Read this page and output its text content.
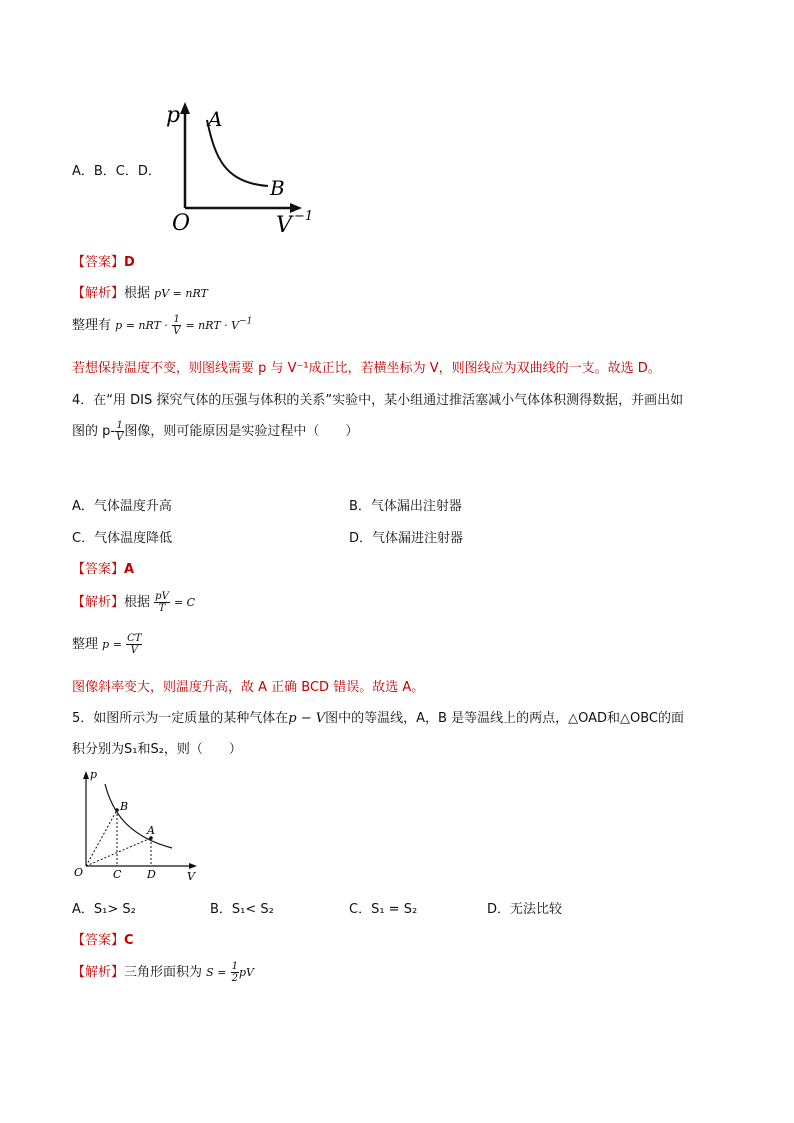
A．B．C．D．
p A
B
O	V −1
【答案】D
【解析】根据 pV = nRT
整理有 p = nRT · $\frac{1}{V}$ = nRT · $V^{-1}$
若想保持温度不变，则图线需要 p 与 V⁻¹成正比，若横坐标为 V，则图线应为双曲线的一支。故选 D。
4．在“用 DIS 探究气体的压强与体积的关系”实验中，某小组通过推活塞减小气体体积测得数据，并画出如
图的 $p- \frac{1}{V}$ 图像，则可能原因是实验过程中（　　）
A．气体温度升高	B．气体漏出注射器
C．气体温度降低	D．气体漏进注射器
【答案】A
【解析】根据 $\frac{pV}{T} = C$
整理 $p = \frac{CT}{V}$
图像斜率变大，则温度升高，故 A 正确 BCD 错误。故选 A。
5．如图所示为一定质量的某种气体在p − V图中的等温线，A，B 是等温线上的两点，△OAD和△OBC的面
积分别为S₁和S₂，则（　　）
p
B
A
O	C D	V
A．S₁> S₂	B．S₁< S₂	C．S₁ = S₂	D．无法比较
【答案】C
【解析】三角形面积为 $S = \frac{1}{2}$ pV
